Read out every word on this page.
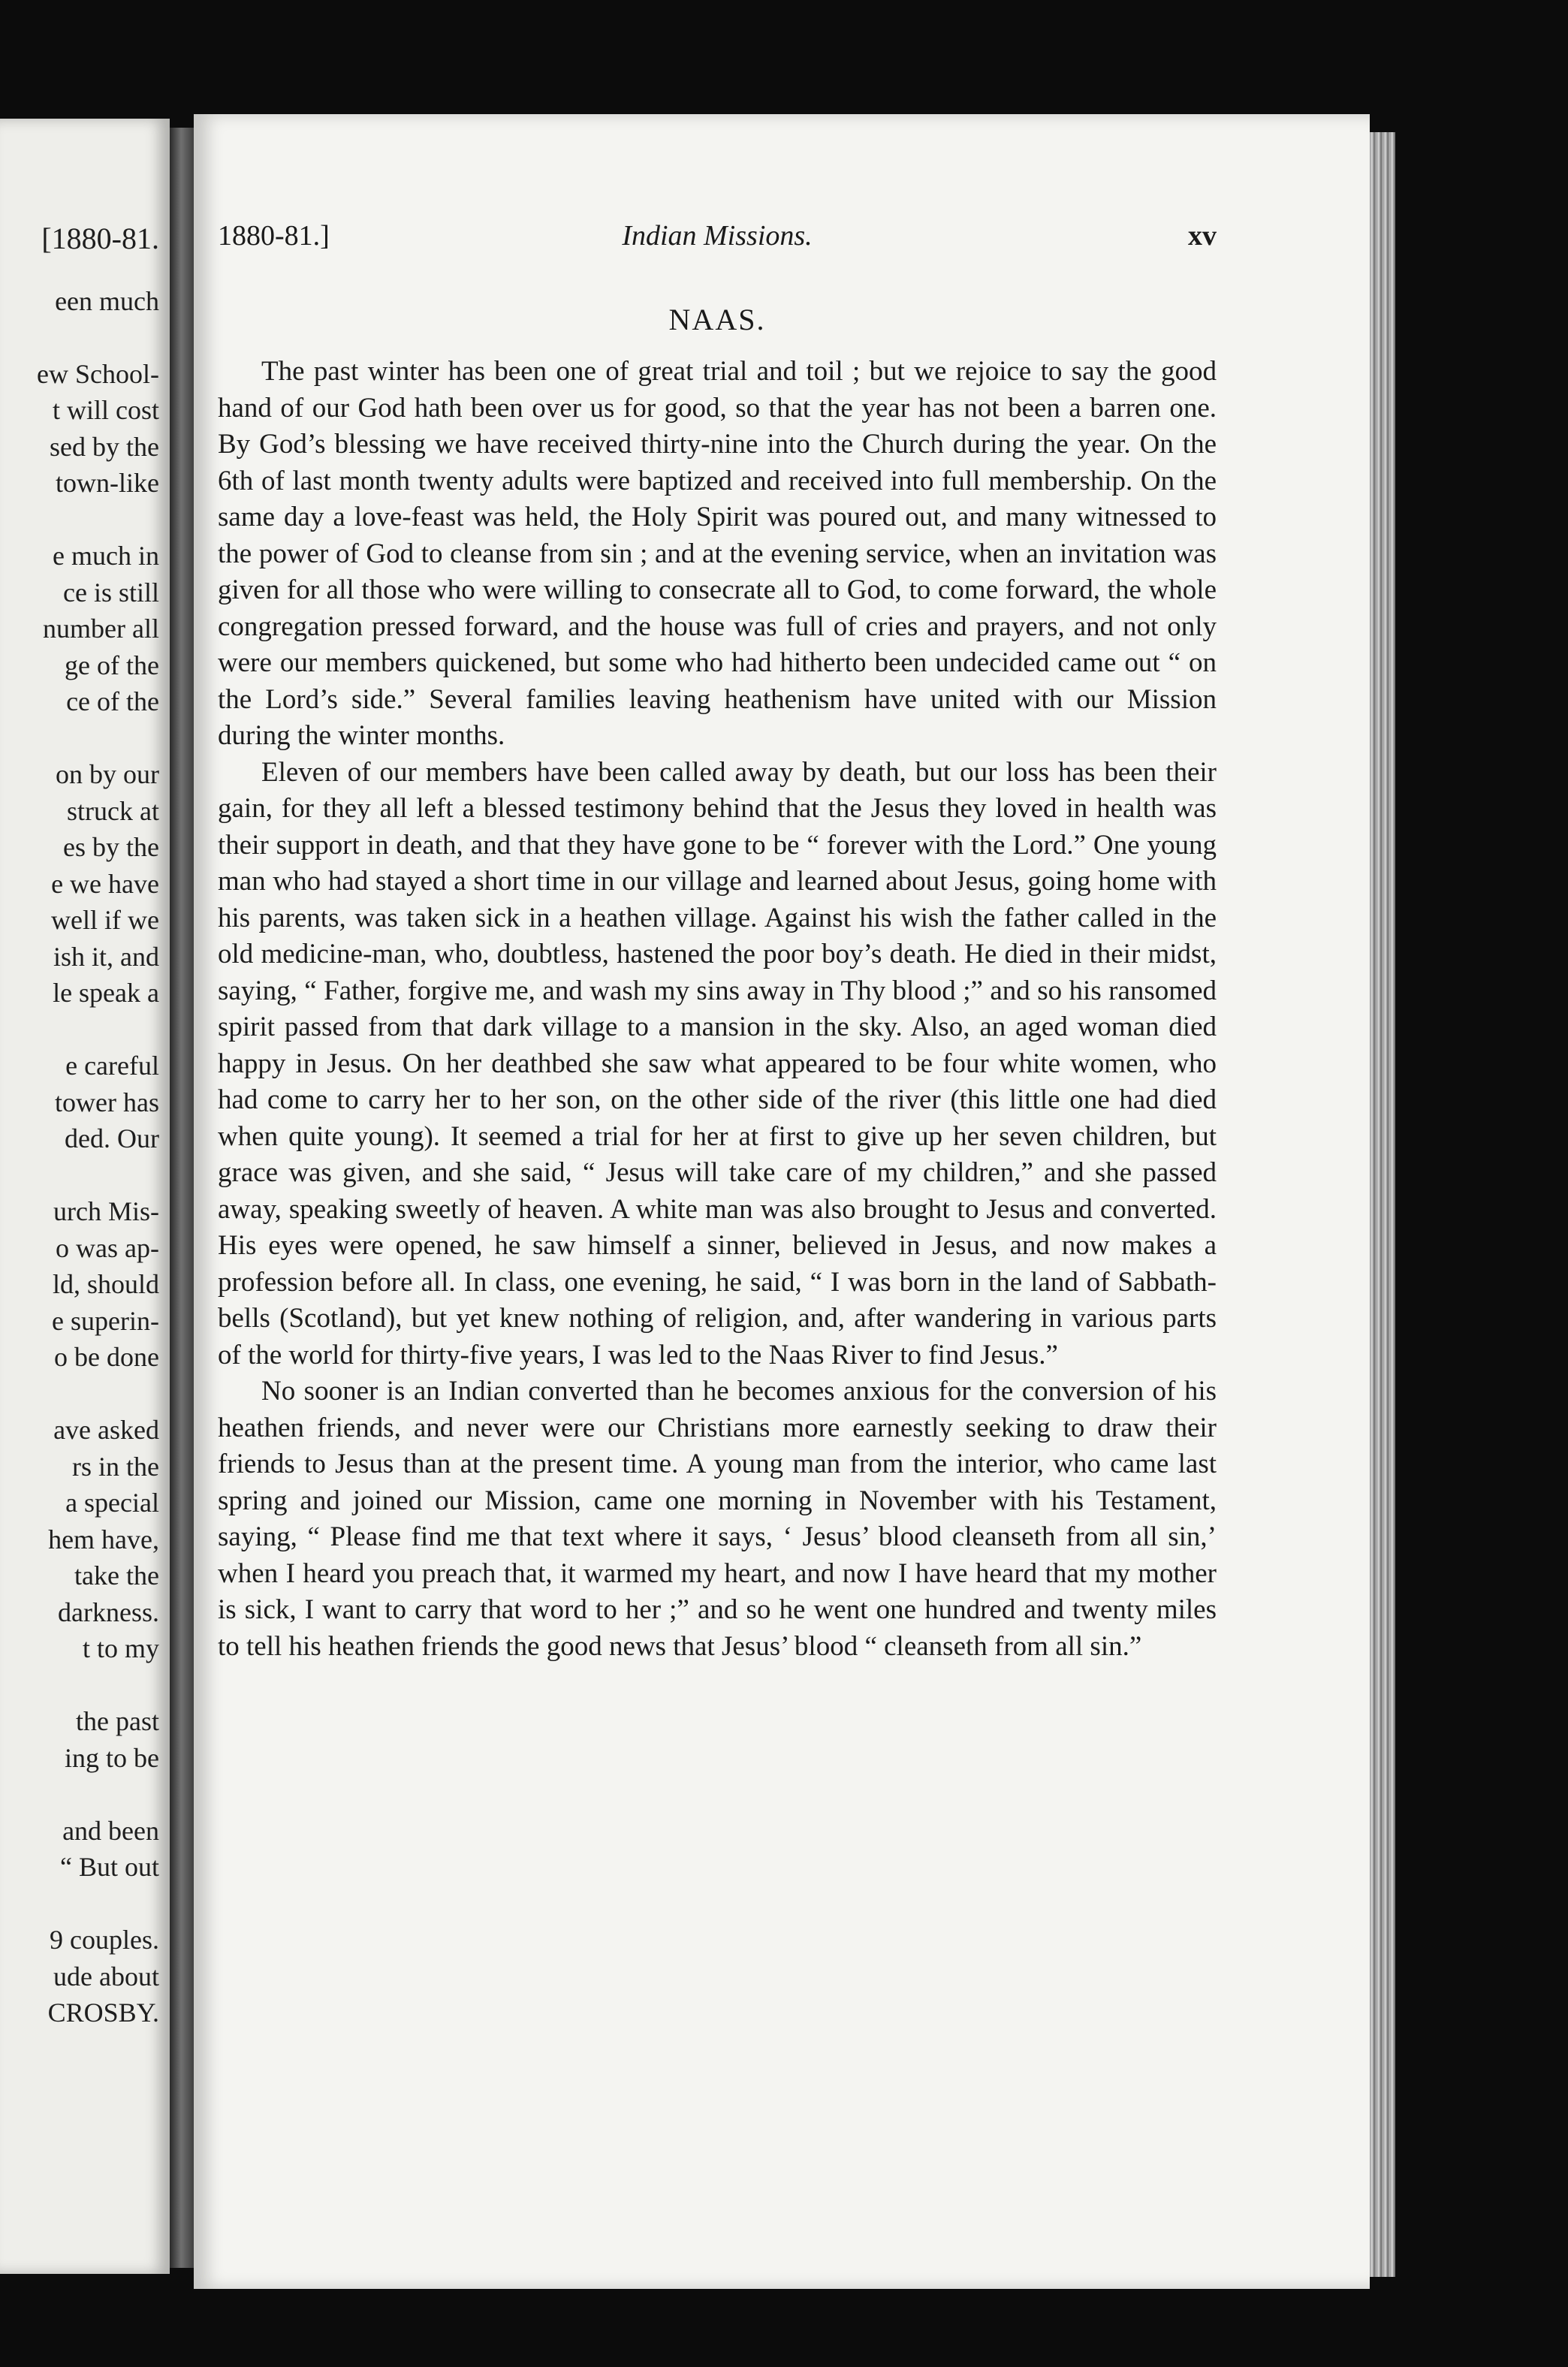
[1880-81.
een much
ew School-
t will cost
sed by the
town-like
e much in
ce is still
number all
ge of the
ce of the
on by our
struck at
es by the
e we have
well if we
ish it, and
le speak a
e careful
tower has
ded. Our
urch Mis-
o was ap-
ld, should
e superin-
o be done
ave asked
rs in the
a special
hem have,
take the
darkness.
t to my
the past
ing to be
and been
“ But out
9 couples.
ude about
CROSBY.
1880-81.]	Indian Missions.	xv
NAAS.

The past winter has been one of great trial and toil ; but we rejoice to say the good hand of our God hath been over us for good, so that the year has not been a barren one. By God’s blessing we have received thirty-nine into the Church during the year. On the 6th of last month twenty adults were baptized and received into full membership. On the same day a love-feast was held, the Holy Spirit was poured out, and many witnessed to the power of God to cleanse from sin ; and at the evening service, when an invitation was given for all those who were willing to consecrate all to God, to come forward, the whole congregation pressed forward, and the house was full of cries and prayers, and not only were our members quickened, but some who had hitherto been undecided came out “ on the Lord’s side.” Several families leaving heathenism have united with our Mission during the winter months.

Eleven of our members have been called away by death, but our loss has been their gain, for they all left a blessed testimony behind that the Jesus they loved in health was their support in death, and that they have gone to be “ forever with the Lord.” One young man who had stayed a short time in our village and learned about Jesus, going home with his parents, was taken sick in a heathen village. Against his wish the father called in the old medicine-man, who, doubtless, hastened the poor boy’s death. He died in their midst, saying, “ Father, forgive me, and wash my sins away in Thy blood ;” and so his ransomed spirit passed from that dark village to a mansion in the sky. Also, an aged woman died happy in Jesus. On her deathbed she saw what appeared to be four white women, who had come to carry her to her son, on the other side of the river (this little one had died when quite young). It seemed a trial for her at first to give up her seven children, but grace was given, and she said, “ Jesus will take care of my children,” and she passed away, speaking sweetly of heaven. A white man was also brought to Jesus and converted. His eyes were opened, he saw himself a sinner, believed in Jesus, and now makes a profession before all. In class, one evening, he said, “ I was born in the land of Sabbath-bells (Scotland), but yet knew nothing of religion, and, after wandering in various parts of the world for thirty-five years, I was led to the Naas River to find Jesus.”

No sooner is an Indian converted than he becomes anxious for the conversion of his heathen friends, and never were our Christians more earnestly seeking to draw their friends to Jesus than at the present time. A young man from the interior, who came last spring and joined our Mission, came one morning in November with his Testament, saying, “ Please find me that text where it says, ‘ Jesus’ blood cleanseth from all sin,’ when I heard you preach that, it warmed my heart, and now I have heard that my mother is sick, I want to carry that word to her ;” and so he went one hundred and twenty miles to tell his heathen friends the good news that Jesus’ blood “ cleanseth from all sin.”
